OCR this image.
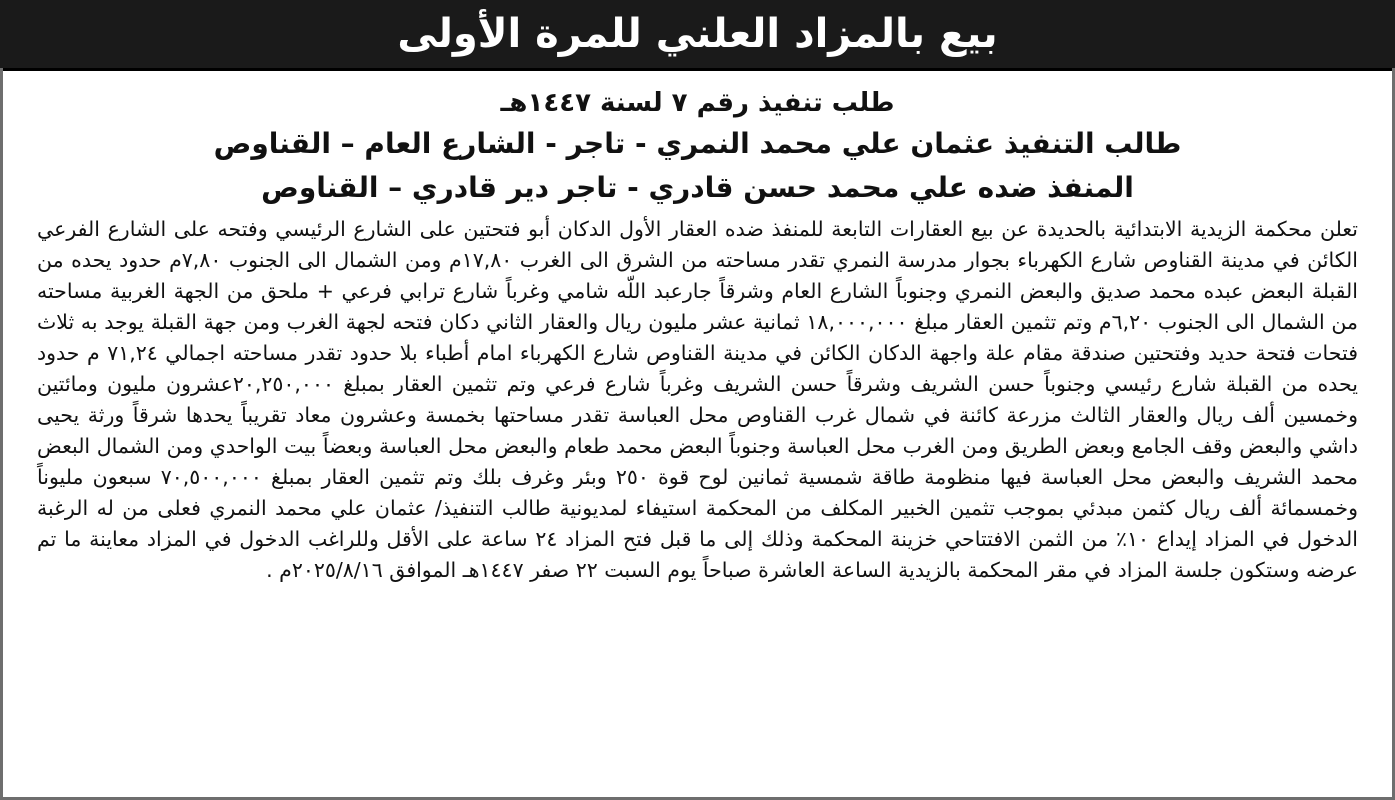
بيع بالمزاد العلني للمرة الأولى
طلب تنفيذ رقم ٧ لسنة ١٤٤٧هـ
طالب التنفيذ عثمان علي محمد النمري - تاجر - الشارع العام – القناوص
المنفذ ضده علي محمد حسن قادري - تاجر دير قادري – القناوص

تعلن محكمة الزيدية الابتدائية بالحديدة عن بيع العقارات التابعة للمنفذ ضده العقار الأول الدكان أبو فتحتين على الشارع الرئيسي وفتحه على الشارع الفرعي الكائن في مدينة القناوص شارع الكهرباء بجوار مدرسة النمري تقدر مساحته من الشرق الى الغرب ١٧,٨٠م ومن الشمال الى الجنوب ٧,٨٠م حدود يحده من القبلة البعض عبده محمد صديق والبعض النمري وجنوباً الشارع العام وشرقاً جارعبد اللّه شامي وغرباً شارع ترابي فرعي + ملحق من الجهة الغربية مساحته من الشمال الى الجنوب ٦,٢٠م وتم تثمين العقار مبلغ ١٨,٠٠٠,٠٠٠ ثمانية عشر مليون ريال والعقار الثاني دكان فتحه لجهة الغرب ومن جهة القبلة يوجد به ثلاث فتحات فتحة حديد وفتحتين صندقة مقام علة واجهة الدكان الكائن في مدينة القناوص شارع الكهرباء امام أطباء بلا حدود تقدر مساحته اجمالي ٧١,٢٤ م حدود يحده من القبلة شارع رئيسي وجنوباً حسن الشريف وشرقاً حسن الشريف وغرباً شارع فرعي وتم تثمين العقار بمبلغ ٢٠,٢٥٠,٠٠٠عشرون مليون ومائتين وخمسين ألف ريال والعقار الثالث مزرعة كائنة في شمال غرب القناوص محل العباسة تقدر مساحتها بخمسة وعشرون معاد تقريباً يحدها شرقاً ورثة يحيى داشي والبعض وقف الجامع وبعض الطريق ومن الغرب محل العباسة وجنوباً البعض محمد طعام والبعض محل العباسة وبعضاً بيت الواحدي ومن الشمال البعض محمد الشريف والبعض محل العباسة فيها منظومة طاقة شمسية ثمانين لوح قوة ٢٥٠ وبئر وغرف بلك وتم تثمين العقار بمبلغ ٧٠,٥٠٠,٠٠٠ سبعون مليوناً وخمسمائة ألف ريال كثمن مبدئي بموجب تثمين الخبير المكلف من المحكمة استيفاء لمديونية طالب التنفيذ/ عثمان علي محمد النمري فعلى من له الرغبة الدخول في المزاد إيداع ١٠٪ من الثمن الافتتاحي خزينة المحكمة وذلك إلى ما قبل فتح المزاد ٢٤ ساعة على الأقل وللراغب الدخول في المزاد معاينة ما تم عرضه وستكون جلسة المزاد في مقر المحكمة بالزيدية الساعة العاشرة صباحاً يوم السبت ٢٢ صفر ١٤٤٧هـ الموافق ٢٠٢٥/٨/١٦م .
